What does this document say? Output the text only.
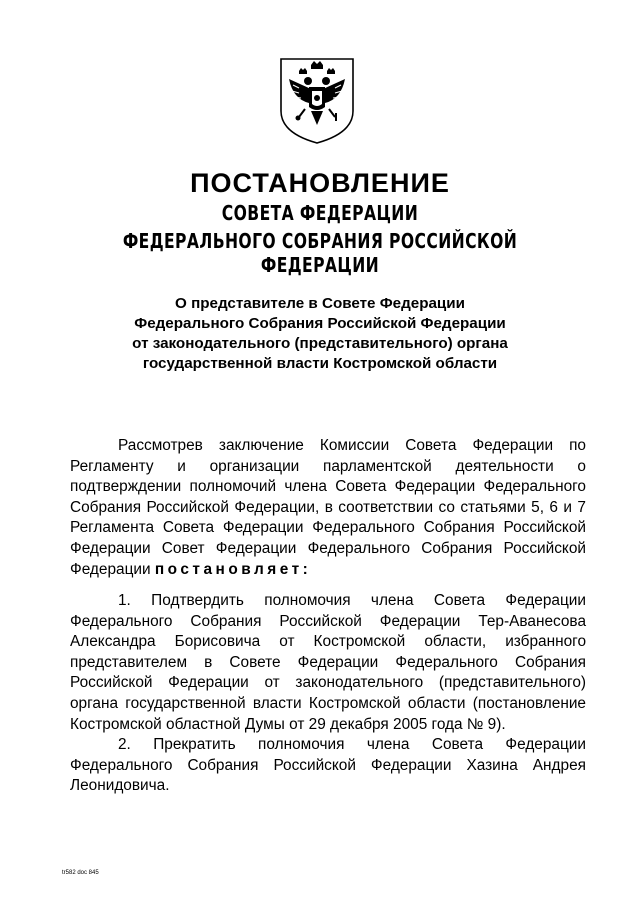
ПОСТАНОВЛЕНИЕ
СОВЕТА ФЕДЕРАЦИИ
ФЕДЕРАЛЬНОГО СОБРАНИЯ РОССИЙСКОЙ ФЕДЕРАЦИИ
О представителе в Совете Федерации
Федерального Собрания Российской Федерации
от законодательного (представительного) органа
государственной власти Костромской области

Рассмотрев заключение Комиссии Совета Федерации по Регламенту и организации парламентской деятельности о подтверждении полномочий члена Совета Федерации Федерального Собрания Российской Федерации, в соответствии со статьями 5, 6 и 7 Регламента Совета Федерации Федерального Собрания Российской Федерации Совет Федерации Федерального Собрания Российской Федерации постановляет:

1. Подтвердить полномочия члена Совета Федерации Федерального Собрания Российской Федерации Тер-Аванесова Александра Борисовича от Костромской области, избранного представителем в Совете Федерации Федерального Собрания Российской Федерации от законодательного (представительного) органа государственной власти Костромской области (постановление Костромской областной Думы от 29 декабря 2005 года № 9).

2. Прекратить полномочия члена Совета Федерации Федерального Собрания Российской Федерации Хазина Андрея Леонидовича.

tr582 doc 845
